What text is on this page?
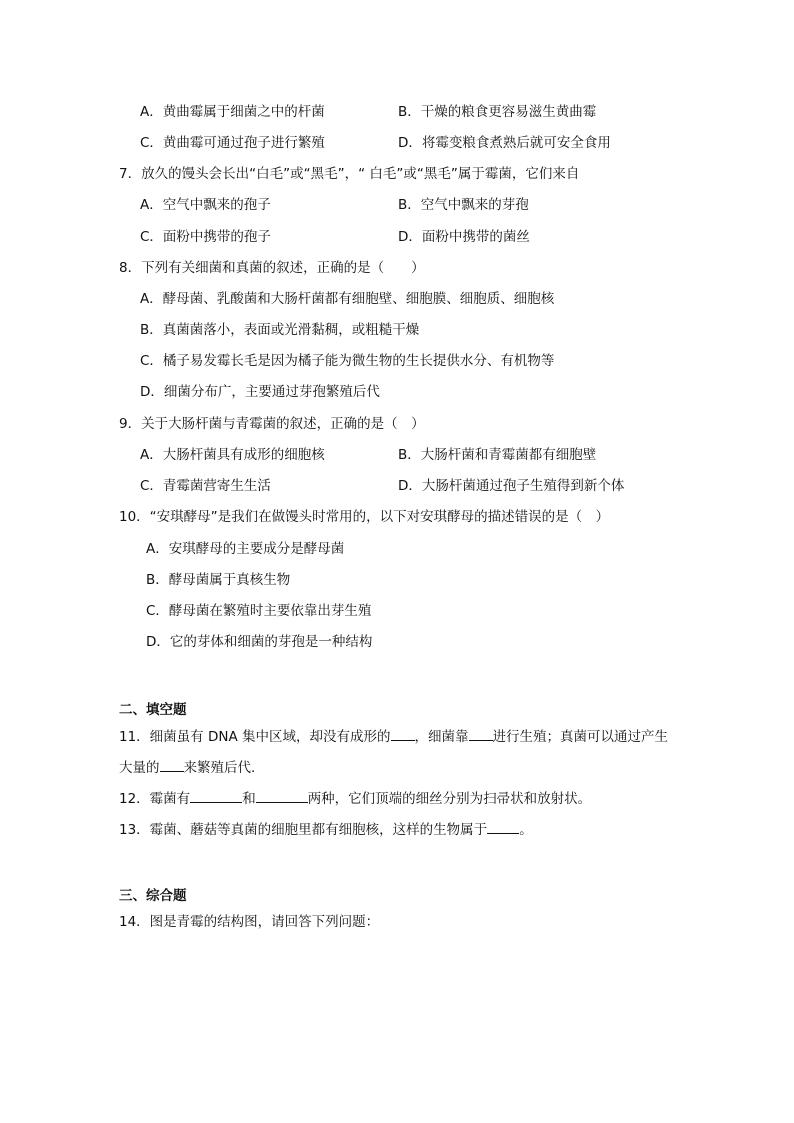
A．黄曲霉属于细菌之中的杆菌	B．干燥的粮食更容易滋生黄曲霉
C．黄曲霉可通过孢子进行繁殖	D．将霉变粮食煮熟后就可安全食用
7．放久的馒头会长出“白毛”或“黑毛”，“ 白毛”或“黑毛”属于霉菌，它们来自
A．空气中飘来的孢子	B．空气中飘来的芽孢
C．面粉中携带的孢子	D．面粉中携带的菌丝
8．下列有关细菌和真菌的叙述，正确的是（　　）
A．酵母菌、乳酸菌和大肠杆菌都有细胞壁、细胞膜、细胞质、细胞核
B．真菌菌落小，表面或光滑黏稠，或粗糙干燥
C．橘子易发霉长毛是因为橘子能为微生物的生长提供水分、有机物等
D．细菌分布广，主要通过芽孢繁殖后代
9．关于大肠杆菌与青霉菌的叙述，正确的是（　）
A．大肠杆菌具有成形的细胞核	B．大肠杆菌和青霉菌都有细胞壁
C．青霉菌营寄生生活	D．大肠杆菌通过孢子生殖得到新个体
10．“安琪酵母”是我们在做馒头时常用的，以下对安琪酵母的描述错误的是（　）
A．安琪酵母的主要成分是酵母菌
B．酵母菌属于真核生物
C．酵母菌在繁殖时主要依靠出芽生殖
D．它的芽体和细菌的芽孢是一种结构
二、填空题
11．细菌虽有 DNA 集中区域，却没有成形的 ，细菌靠 进行生殖；真菌可以通过产生
大量的 来繁殖后代.
12．霉菌有	和	两种，它们顶端的细丝分别为扫帚状和放射状。
13．霉菌、蘑菇等真菌的细胞里都有细胞核，这样的生物属于 。
三、综合题
14．图是青霉的结构图，请回答下列问题：
